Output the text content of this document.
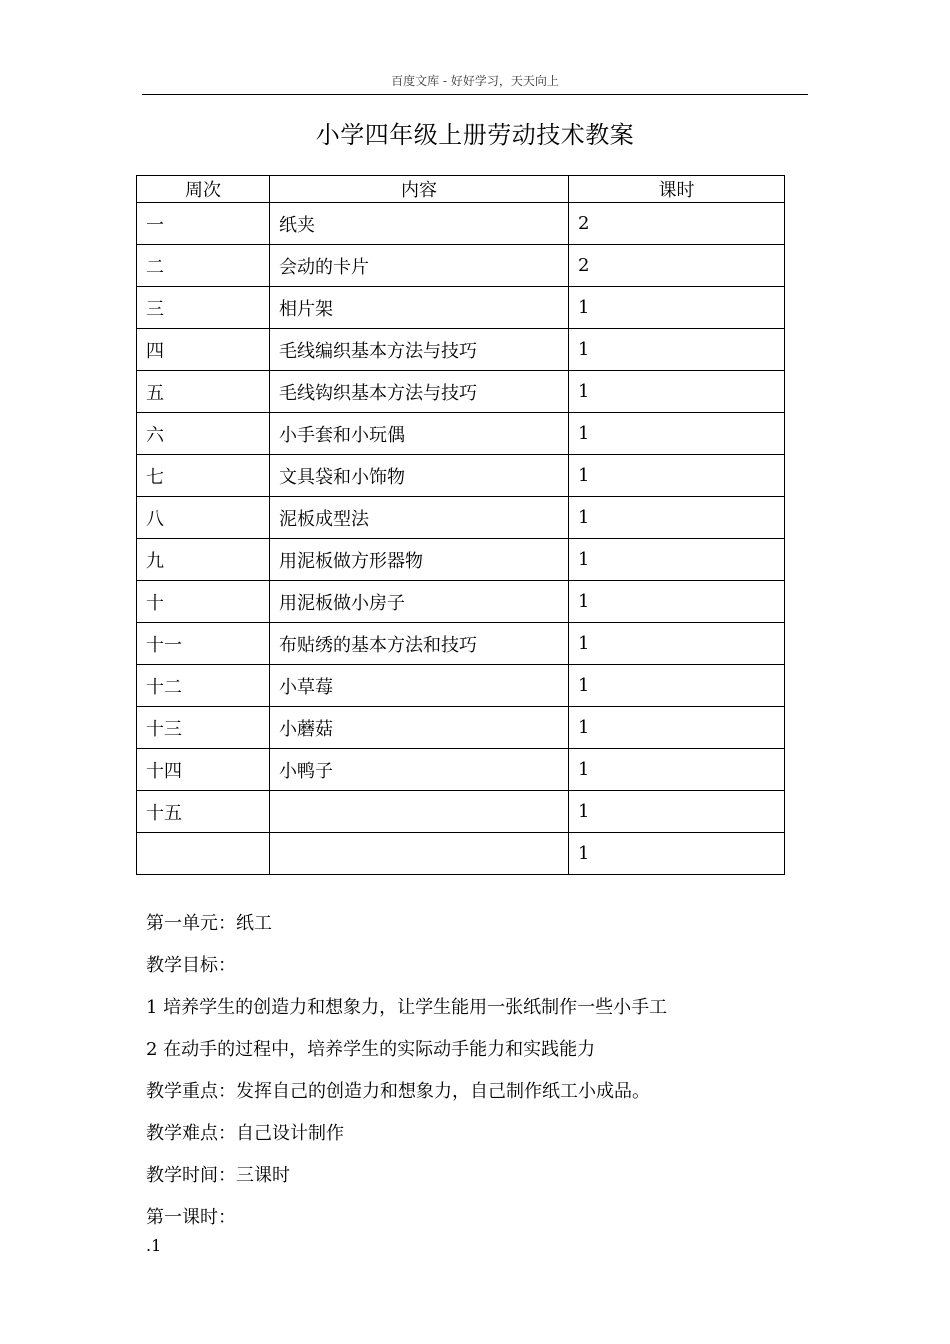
百度文库 - 好好学习，天天向上
小学四年级上册劳动技术教案
周次	内容	课时
一	纸夹	2
二	会动的卡片	2
三	相片架	1
四	毛线编织基本方法与技巧	1
五	毛线钩织基本方法与技巧	1
六	小手套和小玩偶	1
七	文具袋和小饰物	1
八	泥板成型法	1
九	用泥板做方形器物	1
十	用泥板做小房子	1
十一	布贴绣的基本方法和技巧	1
十二	小草莓	1
十三	小蘑菇	1
十四	小鸭子	1
十五		1
		1

第一单元：纸工

教学目标：

1 培养学生的创造力和想象力，让学生能用一张纸制作一些小手工

2 在动手的过程中，培养学生的实际动手能力和实践能力

教学重点：发挥自己的创造力和想象力，自己制作纸工小成品。

教学难点：自己设计制作

教学时间：三课时

第一课时：

.1
